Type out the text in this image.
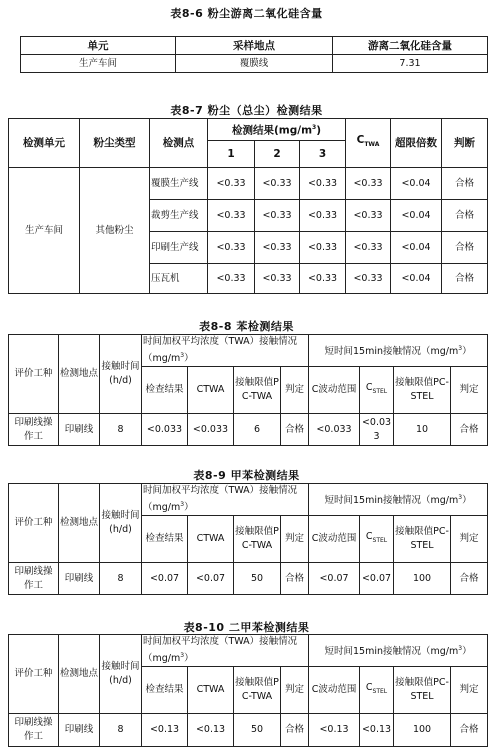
表8-6 粉尘游离二氧化硅含量
单元	采样地点	游离二氧化硅含量
生产车间	覆膜线	7.31
表8-7 粉尘（总尘）检测结果
检测单元	粉尘类型	检测点	检测结果$(mg/m^3)$			$C_{TWA}$	超限倍数	判断
			1	2	3			
生产车间	其他粉尘	覆膜生产线	<0.33	<0.33	<0.33	<0.33	<0.04	合格
		裁剪生产线	<0.33	<0.33	<0.33	<0.33	<0.04	合格
		印刷生产线	<0.33	<0.33	<0.33	<0.33	<0.04	合格
		压瓦机	<0.33	<0.33	<0.33	<0.33	<0.04	合格
表8-8 苯检测结果
评价工种	检测地点	接触时间(h/d)	时间加权平均浓度（TWA）接触情况$(mg/m^3)$				短时间15min接触情况$(mg/m^3)$			
			检查结果	CTWA	接触限值PC-TWA	判定	C波动范围	$C_{STEL}$	接触限值PC-STEL	判定
印刷线操作工	印刷线	8	<0.033	<0.033	6	合格	<0.033	<0.033	10	合格
表8-9 甲苯检测结果
评价工种	检测地点	接触时间(h/d)	时间加权平均浓度（TWA）接触情况$(mg/m^3)$				短时间15min接触情况$(mg/m^3)$			
			检查结果	CTWA	接触限值PC-TWA	判定	C波动范围	$C_{STEL}$	接触限值PC-STEL	判定
印刷线操作工	印刷线	8	<0.07	<0.07	50	合格	<0.07	<0.07	100	合格
表8-10 二甲苯检测结果
评价工种	检测地点	接触时间(h/d)	时间加权平均浓度（TWA）接触情况$(mg/m^3)$				短时间15min接触情况$(mg/m^3)$			
			检查结果	CTWA	接触限值PC-TWA	判定	C波动范围	$C_{STEL}$	接触限值PC-STEL	判定
印刷线操作工	印刷线	8	<0.13	<0.13	50	合格	<0.13	<0.13	100	合格
